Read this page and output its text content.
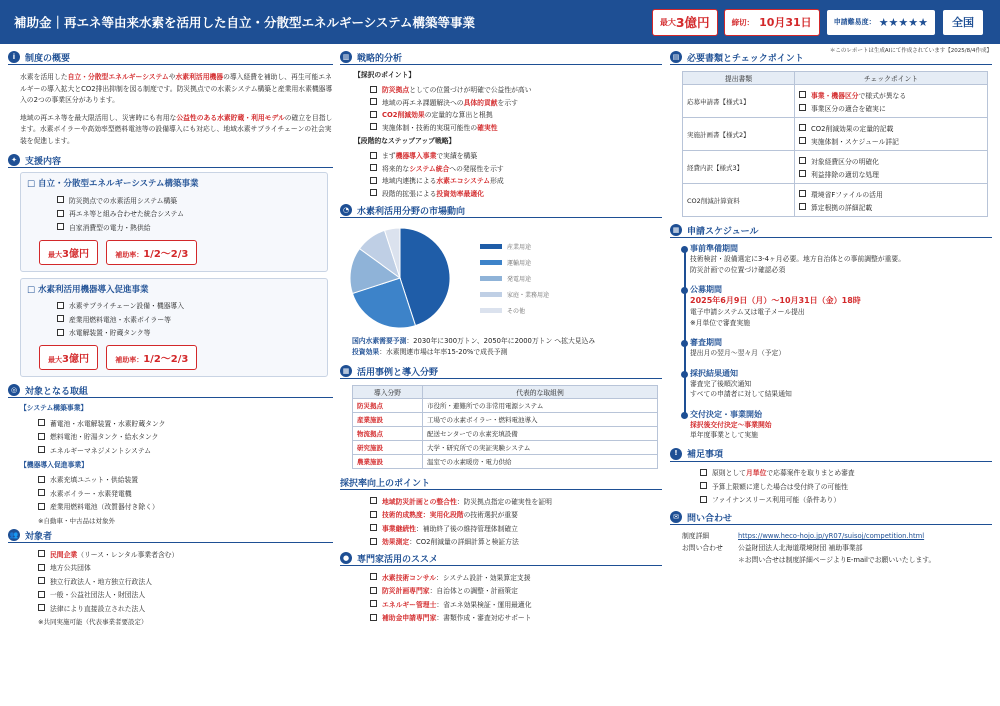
補助金｜再エネ等由来水素を活用した自立・分散型エネルギーシステム構築等事業	最大 3億円	締切： 10月31日	申請難易度： ★★★★★	全国
＊このレポートは生成AIにて作成されています【2025/8/4作成】
i	制度の概要

水素を活用した自立・分散型エネルギーシステムや水素利活用機器の導入経費を補助し、再生可能エネルギーの導入拡大とCO2排出抑制を図る制度です。防災拠点での水素システム構築と産業用水素機器導入の2つの事業区分があります。

地域の再エネ等を最大限活用し、災害時にも有用な公益性のある水素貯蔵・利用モデルの確立を目指します。水素ボイラーや高効率型燃料電池等の設備導入にも対応し、地域水素サプライチェーンの社会実装を促進します。

✦ 支援内容
□ 自立・分散型エネルギーシステム構築事業
防災拠点での水素活用システム構築
再エネ等と組み合わせた統合システム
自家消費型の電力・熱供給
最大3億円	補助率：1/2〜2/3
□ 水素利活用機器導入促進事業
水素サプライチェーン設備・機器導入
産業用燃料電池・水素ボイラー等
水電解装置・貯蔵タンク等
最大3億円	補助率：1/2〜2/3
◎ 対象となる取組
【システム構築事業】
蓄電池・水電解装置・水素貯蔵タンク
燃料電池・貯湯タンク・給水タンク
エネルギーマネジメントシステム
【機器導入促進事業】
水素充填ユニット・供給装置
水素ボイラー・水素発電機
産業用燃料電池（改質器付き除く）
※自動車・中古品は対象外
👥 対象者
民間企業 （リース・レンタル事業者含む）
地方公共団体
独立行政法人・地方独立行政法人
一般・公益社団法人・財団法人
法律により直接設立された法人
※共同実施可能（代表事業者要設定）
▥ 戦略的分析
【採択のポイント】
防災拠点 としての位置づけが明確で公益性が高い
地域の再エネ課題解決への 具体的貢献 を示す
CO2削減効果 の定量的な算出と根拠
実施体制・技術的実現可能性の 確実性
【段階的なステップアップ戦略】
まず 機器導入事業 で実績を構築
将来的な システム統合 への発展性を示す
地域内連携による 水素エコシステム 形成
段階的拡張による 投資効率最適化
◔ 水素利活用分野の市場動向
産業用途
運輸用途
発電用途
家庭・業務用途
その他
国内水素需要予測：2030年に300万トン、2050年に2000万トン へ拡大見込み
投資効果：水素関連市場は年率15-20%で成長予測
▦ 活用事例と導入分野
導入分野	代表的な取組例
防災拠点	市役所・避難所での非常用電源システム
産業施設	工場での水素ボイラー・燃料電池導入
物流拠点	配送センターでの水素充填設備
研究施設	大学・研究所での実証実験システム
農業施設	温室での水素暖房・電力供給
採択率向上のポイント
地域防災計画との整合性 ：防災拠点指定の確実性を証明
技術的成熟度： 実用化段階 の技術選択が重要
事業継続性 ：補助終了後の維持管理体制確立
効果測定 ：CO2削減量の詳細計算と検証方法
● 専門家活用のススメ
水素技術コンサル ：システム設計・効果算定支援
防災計画専門家 ：自治体との調整・計画策定
エネルギー管理士 ：省エネ効果検証・運用最適化
補助金申請専門家 ：書類作成・審査対応サポート
▤ 必要書類とチェックポイント
提出書類	チェックポイント
応募申請書【様式1】	事業・機器区分 で様式が異なる
事業区分の適合を確実に

実施計画書【様式2】	CO2削減効果の定量的記載
実施体制・スケジュール詳記

経費内訳【様式3】	対象経費区分の明確化
利益排除の適切な処理

CO2削減計算資料	環境省Fファイルの活用
算定根拠の詳細記載
▦ 申請スケジュール
事前準備期間

技術検討・設備選定に3-4ヶ月必要。地方自治体との事前調整が重要。

防災計画での位置づけ確認必須

公募期間

2025年6月9日（月）〜10月31日（金）18時

電子申請システム又は電子メール提出

※月単位で審査実施

審査期間

提出月の翌月〜翌々月（予定）

採択結果通知

審査完了後順次通知

すべての申請者に対して結果通知

交付決定・事業開始

採択後交付決定〜事業開始

単年度事業として実施

!	補足事項
原則として 月単位 で応募案件を取りまとめ審査
予算上限額に達した場合は受付終了の可能性
ファイナンスリース利用可能（条件あり）
✉ 問い合わせ
制度詳細	https://www.heco-hojo.jp/yR07/suisoj/competition.html
お問い合わせ	公益財団法人北海道環境財団 補助事業部
＊お問い合せは制度詳細ページよりE-mailでお願いいたします。
